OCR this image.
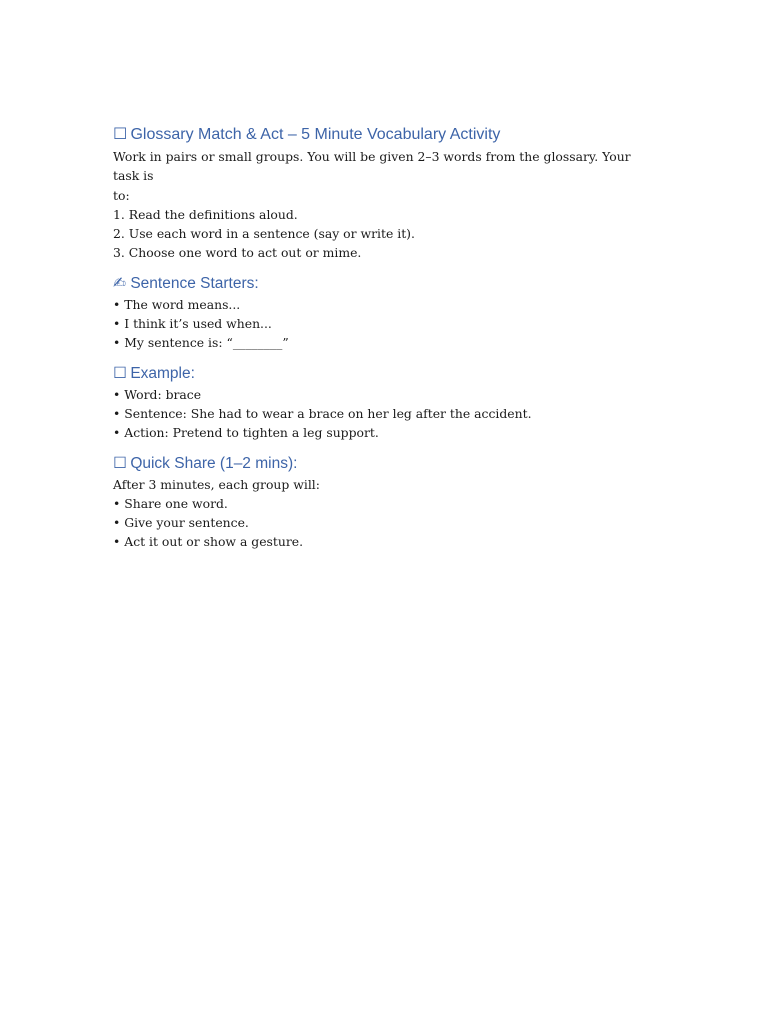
☐ Glossary Match & Act – 5 Minute Vocabulary Activity

Work in pairs or small groups. You will be given 2–3 words from the glossary. Your task is

to:

1. Read the definitions aloud.

2. Use each word in a sentence (say or write it).

3. Choose one word to act out or mime.

✍ Sentence Starters:

• The word means...

• I think it’s used when...

• My sentence is: “________”

☐ Example:

• Word: brace

• Sentence: She had to wear a brace on her leg after the accident.

• Action: Pretend to tighten a leg support.

☐ Quick Share (1–2 mins):

After 3 minutes, each group will:

• Share one word.

• Give your sentence.

• Act it out or show a gesture.
